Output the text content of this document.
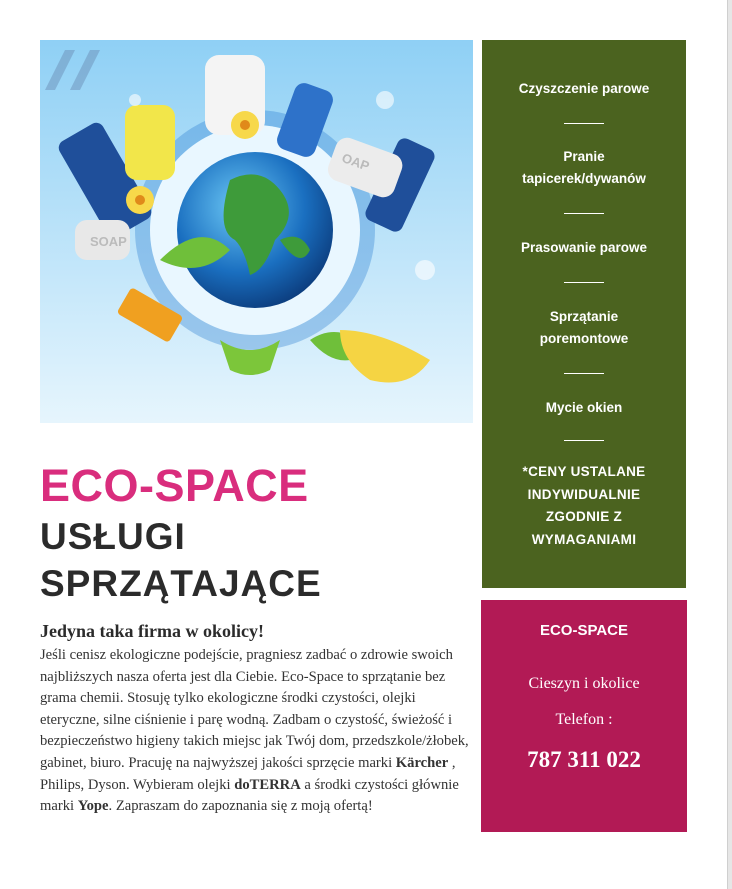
SOAP
OAP
Czyszczenie parowe
Pranie tapicerek/dywanów
Prasowanie parowe
Sprzątanie poremontowe
Mycie okien
*CENY USTALANE INDYWIDUALNIE ZGODNIE Z WYMAGANIAMI
ECO-SPACE
Cieszyn i okolice
Telefon :
787 311 022
ECO-SPACE
USŁUGI
SPRZĄTAJĄCE
Jedyna taka firma w okolicy!
Jeśli cenisz ekologiczne podejście, pragniesz zadbać o zdrowie swoich najbliższych nasza oferta jest dla Ciebie. Eco-Space to sprzątanie bez grama chemii. Stosuję tylko ekologiczne środki czystości, olejki eteryczne, silne ciśnienie i parę wodną. Zadbam o czystość, świeżość i bezpieczeństwo higieny takich miejsc jak Twój dom, przedszkole/żłobek, gabinet, biuro. Pracuję na najwyższej jakości sprzęcie marki Kärcher , Philips, Dyson. Wybieram olejki doTERRA a środki czystości głównie marki Yope. Zapraszam do zapoznania się z moją ofertą!
